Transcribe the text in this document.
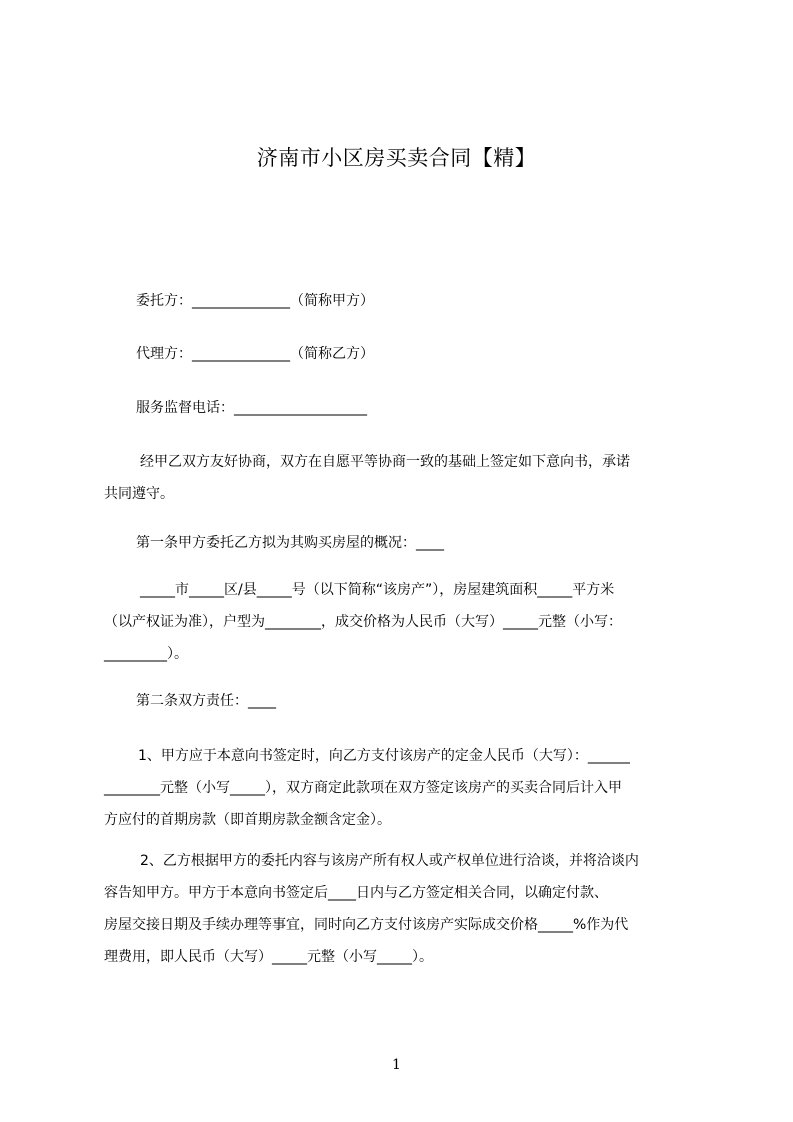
济南市小区房买卖合同【精】
委托方：______________（简称甲方）
代理方：______________（简称乙方）
服务监督电话：___________________
经甲乙双方友好协商，双方在自愿平等协商一致的基础上签定如下意向书，承诺
共同遵守。
第一条甲方委托乙方拟为其购买房屋的概况：____
_____市_____区/县_____号（以下简称“该房产”），房屋建筑面积_____平方米
（以产权证为准），户型为________，成交价格为人民币（大写）_____元整（小写：
_________）。
第二条双方责任：____
1、甲方应于本意向书签定时，向乙方支付该房产的定金人民币（大写）：______
________元整（小写_____），双方商定此款项在双方签定该房产的买卖合同后计入甲
方应付的首期房款（即首期房款金额含定金）。
2、乙方根据甲方的委托内容与该房产所有权人或产权单位进行洽谈，并将洽谈内
容告知甲方。甲方于本意向书签定后____日内与乙方签定相关合同，以确定付款、
房屋交接日期及手续办理等事宜，同时向乙方支付该房产实际成交价格_____%作为代
理费用，即人民币（大写）_____元整（小写_____）。
1
